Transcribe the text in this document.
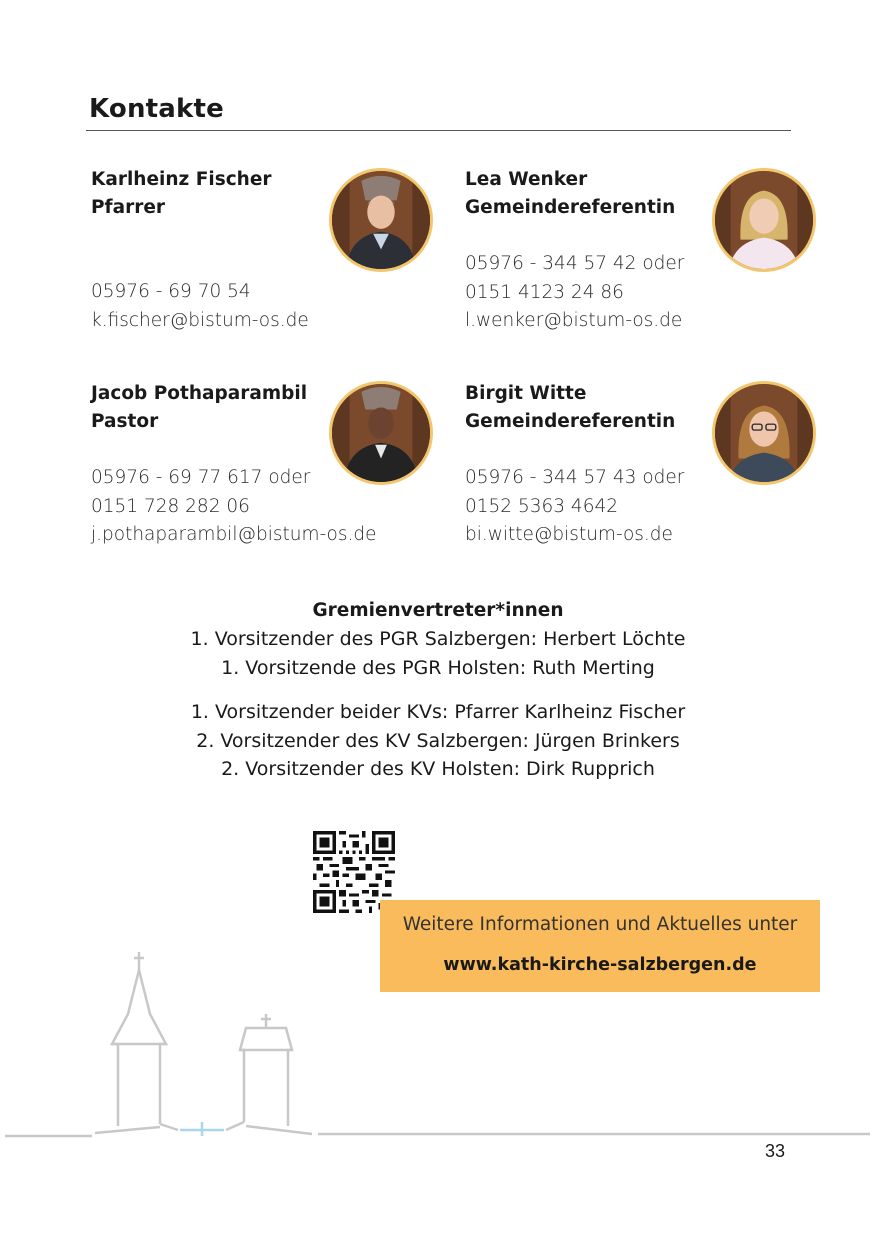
Kontakte
Karlheinz Fischer
Pfarrer
05976 - 69 70 54
k.fischer@bistum-os.de
Lea Wenker
Gemeindereferentin
05976 - 344 57 42 oder
0151 4123 24 86
l.wenker@bistum-os.de
Jacob Pothaparambil
Pastor
05976 - 69 77 617 oder
0151 728 282 06
j.pothaparambil@bistum-os.de
Birgit Witte
Gemeindereferentin
05976 - 344 57 43 oder
0152 5363 4642
bi.witte@bistum-os.de
Gremienvertreter*innen
1. Vorsitzender des PGR Salzbergen: Herbert Löchte
1. Vorsitzende des PGR Holsten: Ruth Merting
1. Vorsitzender beider KVs: Pfarrer Karlheinz Fischer
2. Vorsitzender des KV Salzbergen: Jürgen Brinkers
2. Vorsitzender des KV Holsten: Dirk Rupprich
Weitere Informationen und Aktuelles unter
www.kath-kirche-salzbergen.de
33
